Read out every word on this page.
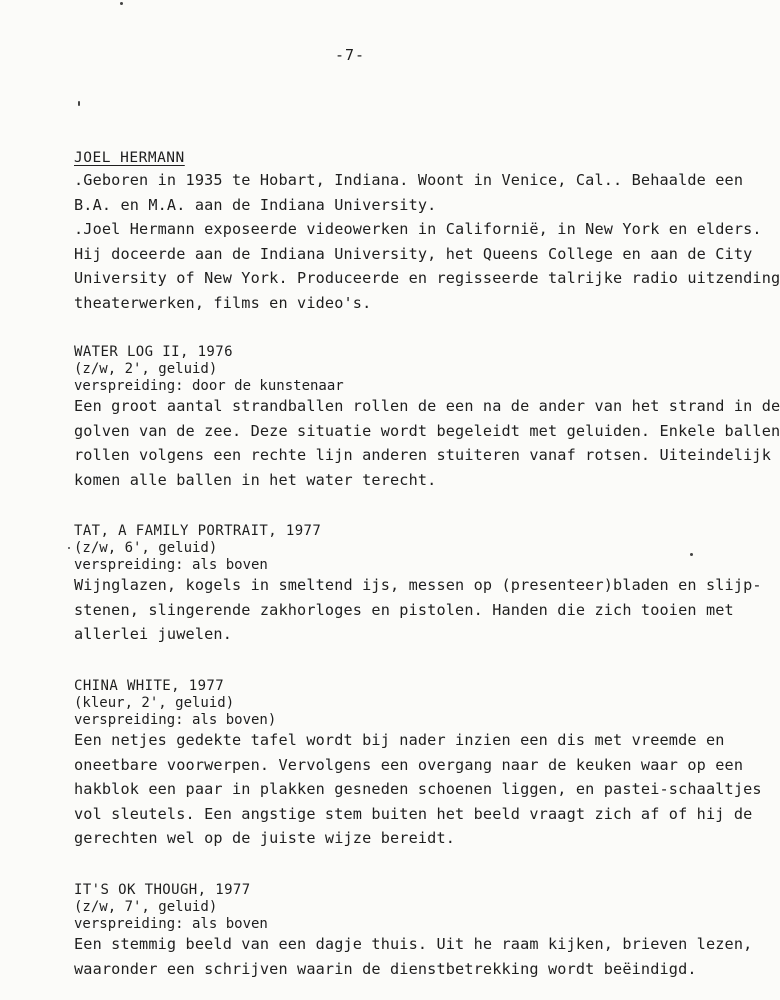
-7-
JOEL HERMANN
.Geboren in 1935 te Hobart, Indiana. Woont in Venice, Cal.. Behaalde een
B.A. en M.A. aan de Indiana University.
.Joel Hermann exposeerde videowerken in Californië, in New York en elders.
Hij doceerde aan de Indiana University, het Queens College en aan de City
University of New York. Produceerde en regisseerde talrijke radio uitzending
theaterwerken, films en video's.
WATER LOG II, 1976
(z/w, 2', geluid)
verspreiding: door de kunstenaar
Een groot aantal strandballen rollen de een na de ander van het strand in de
golven van de zee. Deze situatie wordt begeleidt met geluiden. Enkele ballen
rollen volgens een rechte lijn anderen stuiteren vanaf rotsen. Uiteindelijk
komen alle ballen in het water terecht.
TAT, A FAMILY PORTRAIT, 1977
(z/w, 6', geluid)
verspreiding: als boven
Wijnglazen, kogels in smeltend ijs, messen op (presenteer)bladen en slijp-
stenen, slingerende zakhorloges en pistolen. Handen die zich tooien met
allerlei juwelen.
CHINA WHITE, 1977
(kleur, 2', geluid)
verspreiding: als boven)
Een netjes gedekte tafel wordt bij nader inzien een dis met vreemde en
oneetbare voorwerpen. Vervolgens een overgang naar de keuken waar op een
hakblok een paar in plakken gesneden schoenen liggen, en pastei-schaaltjes
vol sleutels. Een angstige stem buiten het beeld vraagt zich af of hij de
gerechten wel op de juiste wijze bereidt.
IT'S OK THOUGH, 1977
(z/w, 7', geluid)
verspreiding: als boven
Een stemmig beeld van een dagje thuis. Uit he raam kijken, brieven lezen,
waaronder een schrijven waarin de dienstbetrekking wordt beëindigd.
